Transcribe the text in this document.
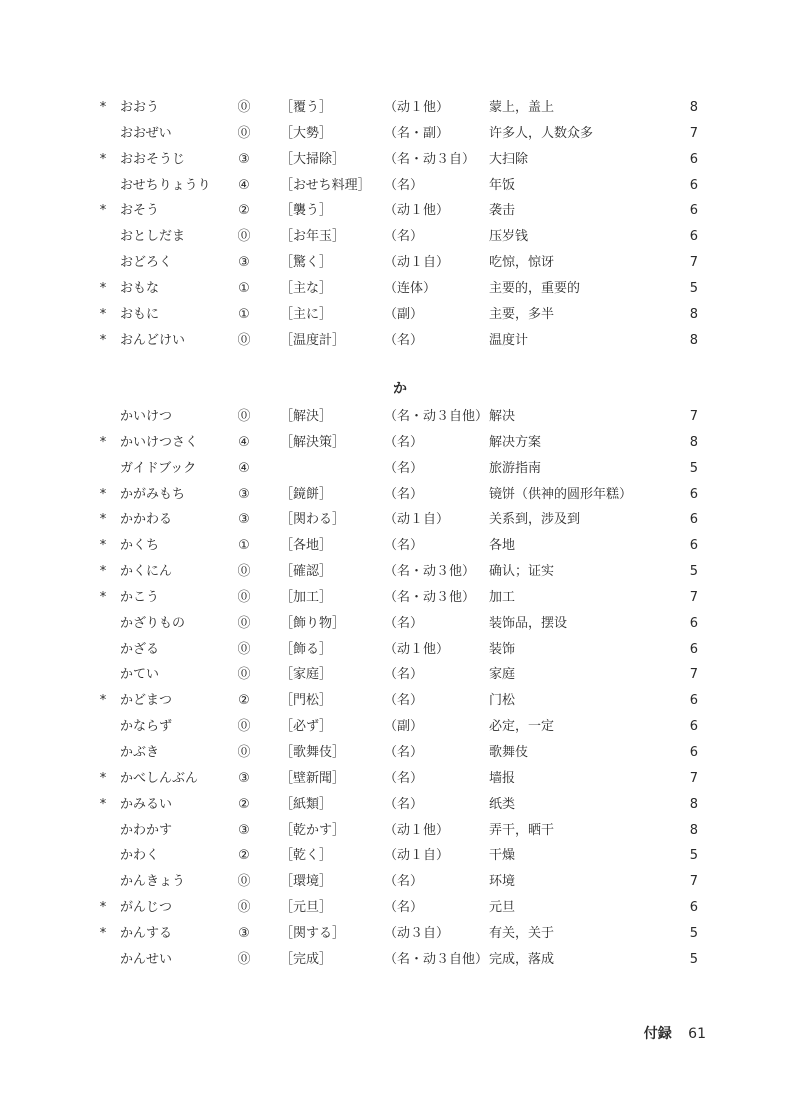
* おおう	⓪ ［覆う］	（动１他）	蒙上，盖上	8
おおぜい	⓪ ［大勢］	（名・副）	许多人，人数众多	7
* おおそうじ	③ ［大掃除］	（名・动３自） 大扫除	6
おせちりょうり ④ ［おせち料理］ （名）	年饭	6
* おそう	② ［襲う］	（动１他）	袭击	6
おとしだま	⓪ ［お年玉］	（名）	压岁钱	6
おどろく	③ ［驚く］	（动１自）	吃惊，惊讶	7
* おもな	① ［主な］	（连体）	主要的，重要的	5
* おもに	① ［主に］	（副）	主要，多半	8
* おんどけい	⓪ ［温度計］	（名）	温度计	8
か
かいけつ	⓪ ［解決］	（名・动３自他） 解决	7
* かいけつさく	④ ［解決策］	（名）	解决方案	8
ガイドブック	④	（名）	旅游指南	5
* かがみもち	③ ［鏡餅］	（名）	镜饼（供神的圆形年糕）	6
* かかわる	③ ［関わる］	（动１自）	关系到，涉及到	6
* かくち	① ［各地］	（名）	各地	6
* かくにん	⓪ ［確認］	（名・动３他） 确认；证实	5
* かこう	⓪ ［加工］	（名・动３他） 加工	7
かざりもの	⓪ ［飾り物］	（名）	装饰品，摆设	6
かざる	⓪ ［飾る］	（动１他）	装饰	6
かてい	⓪ ［家庭］	（名）	家庭	7
* かどまつ	② ［門松］	（名）	门松	6
かならず	⓪ ［必ず］	（副）	必定，一定	6
かぶき	⓪ ［歌舞伎］	（名）	歌舞伎	6
* かべしんぶん	③ ［壁新聞］	（名）	墙报	7
* かみるい	② ［紙類］	（名）	纸类	8
かわかす	③ ［乾かす］	（动１他）	弄干，晒干	8
かわく	② ［乾く］	（动１自）	干燥	5
かんきょう	⓪ ［環境］	（名）	环境	7
* がんじつ	⓪ ［元旦］	（名）	元旦	6
* かんする	③ ［関する］	（动３自）	有关，关于	5
かんせい	⓪ ［完成］	（名・动３自他） 完成，落成	5
付録 61
